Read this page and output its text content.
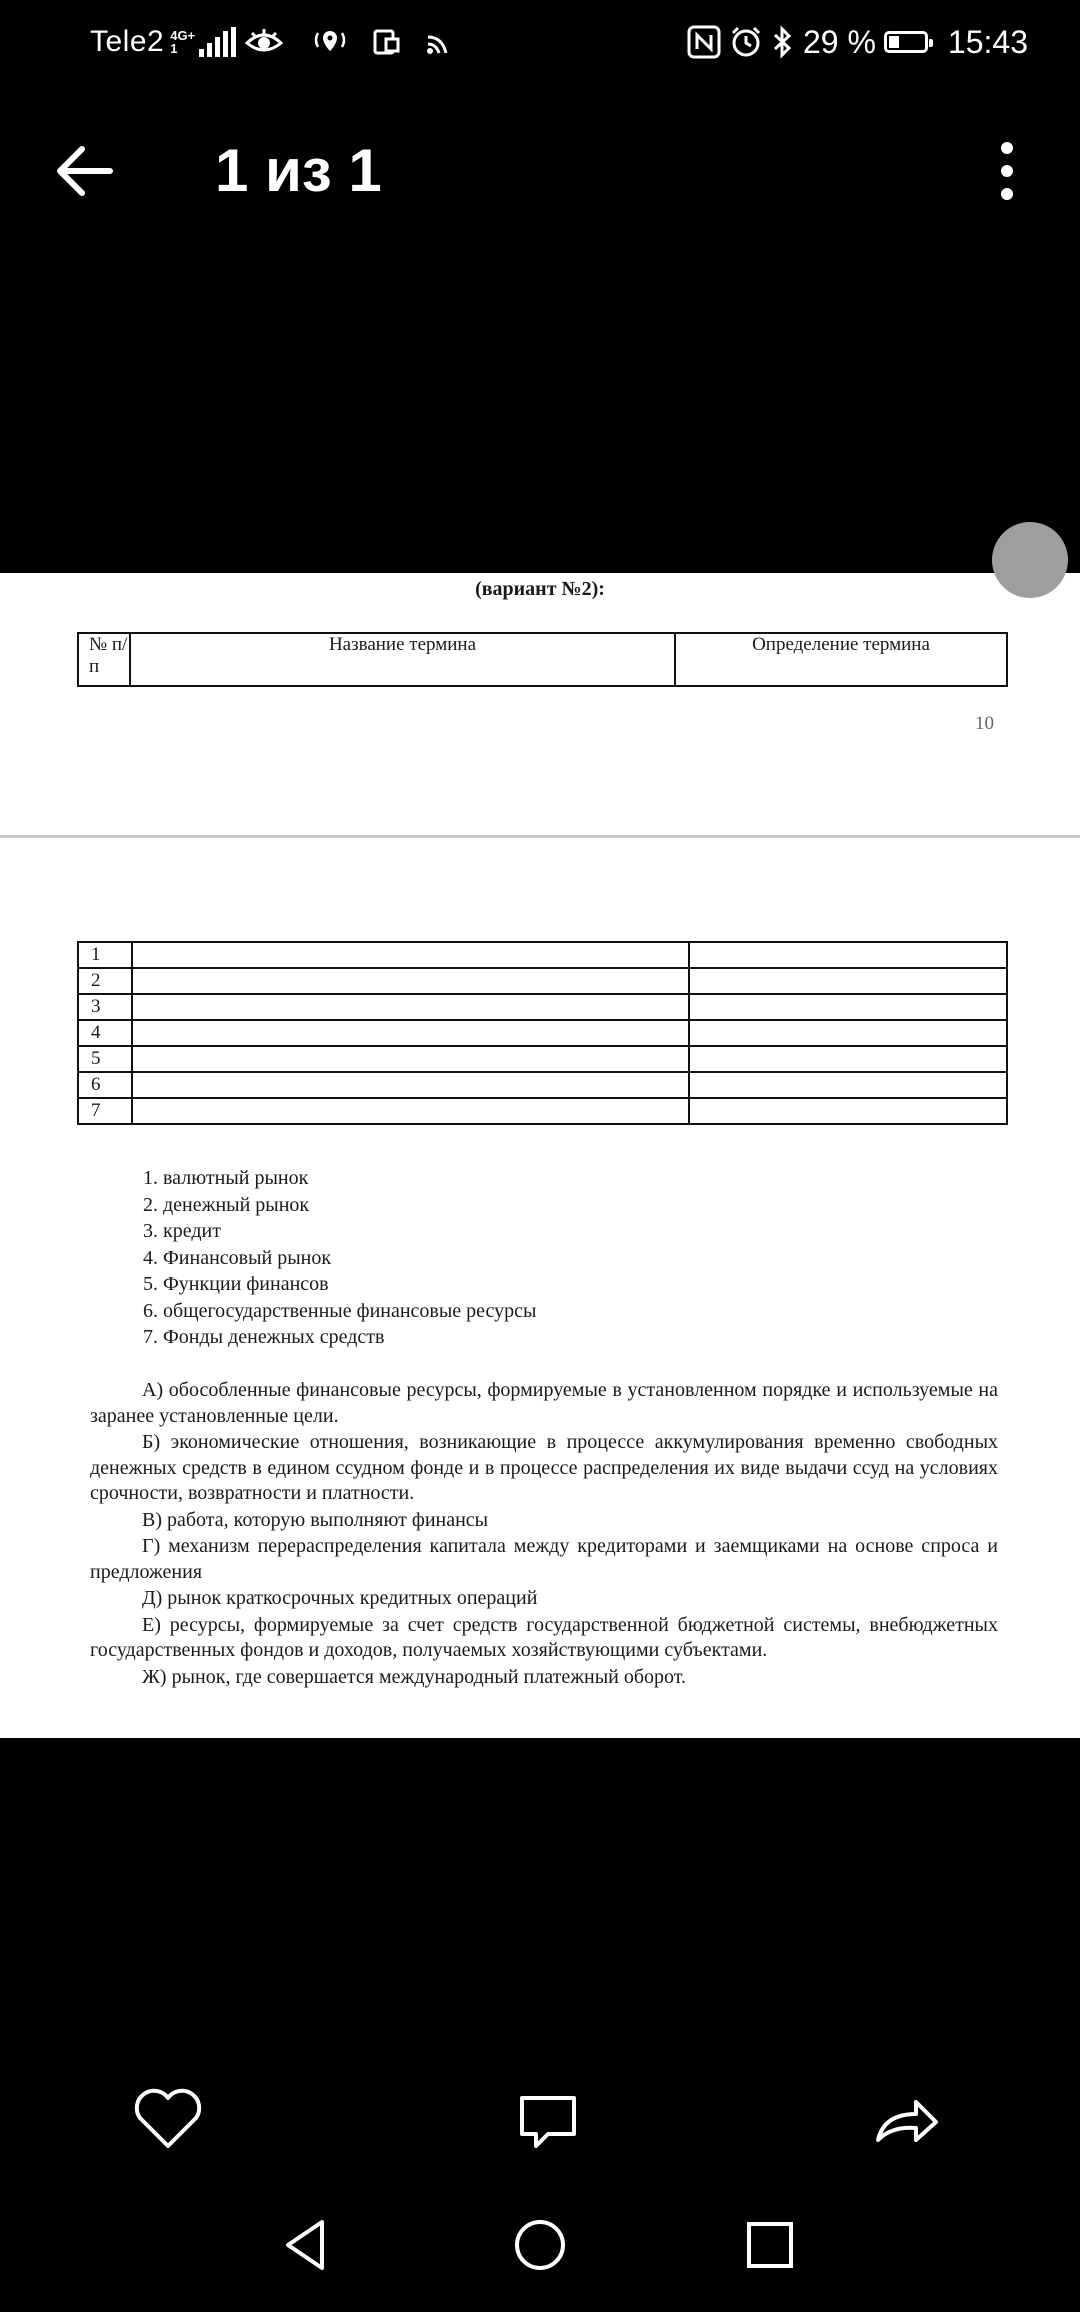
Tele2 4G+
1	29 % 15:43
1 из 1
(вариант №2):
№ п/п	Название термина	Определение термина
10
1		
2		
3		
4		
5		
6		
7		
1. валютный рынок
2. денежный рынок
3. кредит
4. Финансовый рынок
5. Функции финансов
6. общегосударственные финансовые ресурсы
7. Фонды денежных средств

А) обособленные финансовые ресурсы, формируемые в установленном порядке и используемые на заранее установленные цели.

Б) экономические отношения, возникающие в процессе аккумулирования временно свободных денежных средств в едином ссудном фонде и в процессе распределения их виде выдачи ссуд на условиях срочности, возвратности и платности.

В) работа, которую выполняют финансы

Г) механизм перераспределения капитала между кредиторами и заемщиками на основе спроса и предложения

Д) рынок краткосрочных кредитных операций

Е) ресурсы, формируемые за счет средств государственной бюджетной системы, внебюджетных государственных фондов и доходов, получаемых хозяйствующими субъектами.

Ж) рынок, где совершается международный платежный оборот.
